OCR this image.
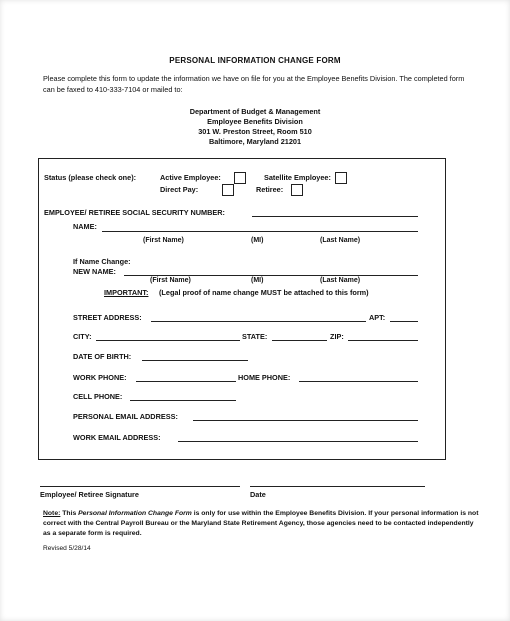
PERSONAL INFORMATION CHANGE FORM
Please complete this form to update the information we have on file for you at the Employee Benefits Division. The completed form can be faxed to 410-333-7104 or mailed to:
Department of Budget & Management
Employee Benefits Division
301 W. Preston Street, Room 510
Baltimore, Maryland 21201
Status (please check one):	Active Employee:	Satellite Employee:
Direct Pay:	Retiree:
EMPLOYEE/ RETIREE SOCIAL SECURITY NUMBER:
NAME:
(First Name)	(MI)	(Last Name)
If Name Change:
NEW NAME:
(First Name)	(MI)	(Last Name)
IMPORTANT: (Legal proof of name change MUST be attached to this form)
STREET ADDRESS:	APT:
CITY:	STATE:	ZIP:
DATE OF BIRTH:
WORK PHONE:	HOME PHONE:
CELL PHONE:
PERSONAL EMAIL ADDRESS:
WORK EMAIL ADDRESS:
Employee/ Retiree Signature	Date
Note: This Personal Information Change Form is only for use within the Employee Benefits Division. If your personal information is not correct with the Central Payroll Bureau or the Maryland State Retirement Agency, those agencies need to be contacted independently as a separate form is required.
Revised 5/28/14
